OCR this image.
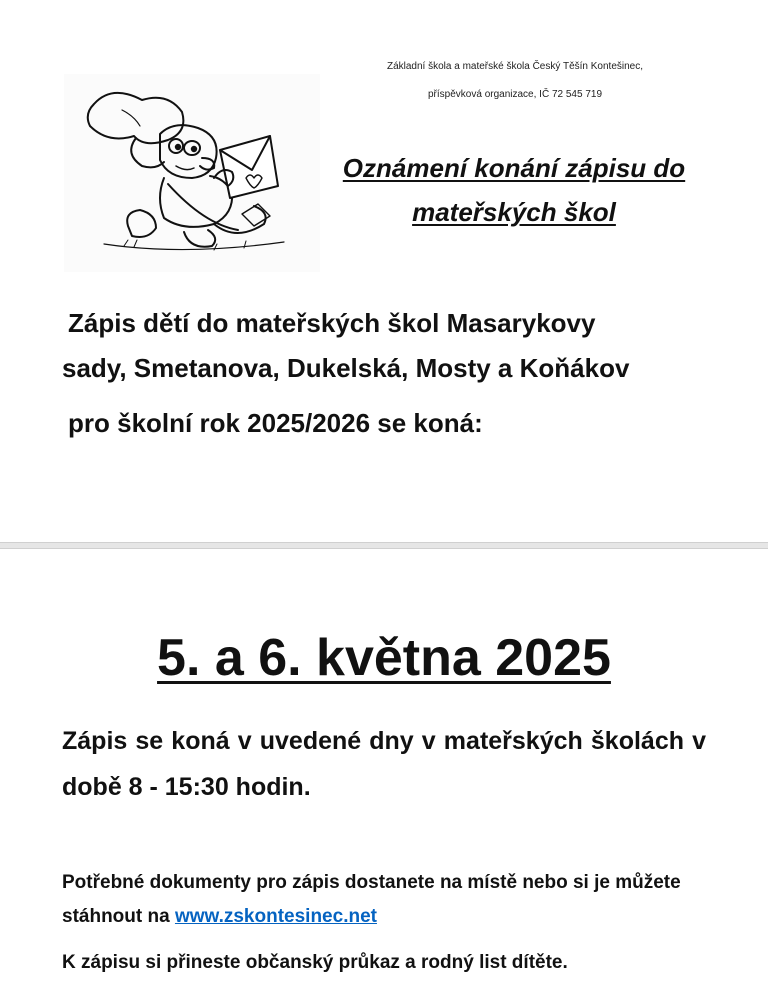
Základní škola a mateřské škola Český Těšín Kontešinec,
příspěvková organizace, IČ 72 545 719
Oznámení konání zápisu do
mateřských škol
Zápis dětí do mateřských škol Masarykovy
sady, Smetanova, Dukelská, Mosty a Koňákov
pro školní rok 2025/2026 se koná:
5. a 6. května 2025
Zápis se koná v uvedené dny v mateřských školách v době 8 - 15:30 hodin.
Potřebné dokumenty pro zápis dostanete na místě nebo si je můžete stáhnout na www.zskontesinec.net
K zápisu si přineste občanský průkaz a rodný list dítěte.
